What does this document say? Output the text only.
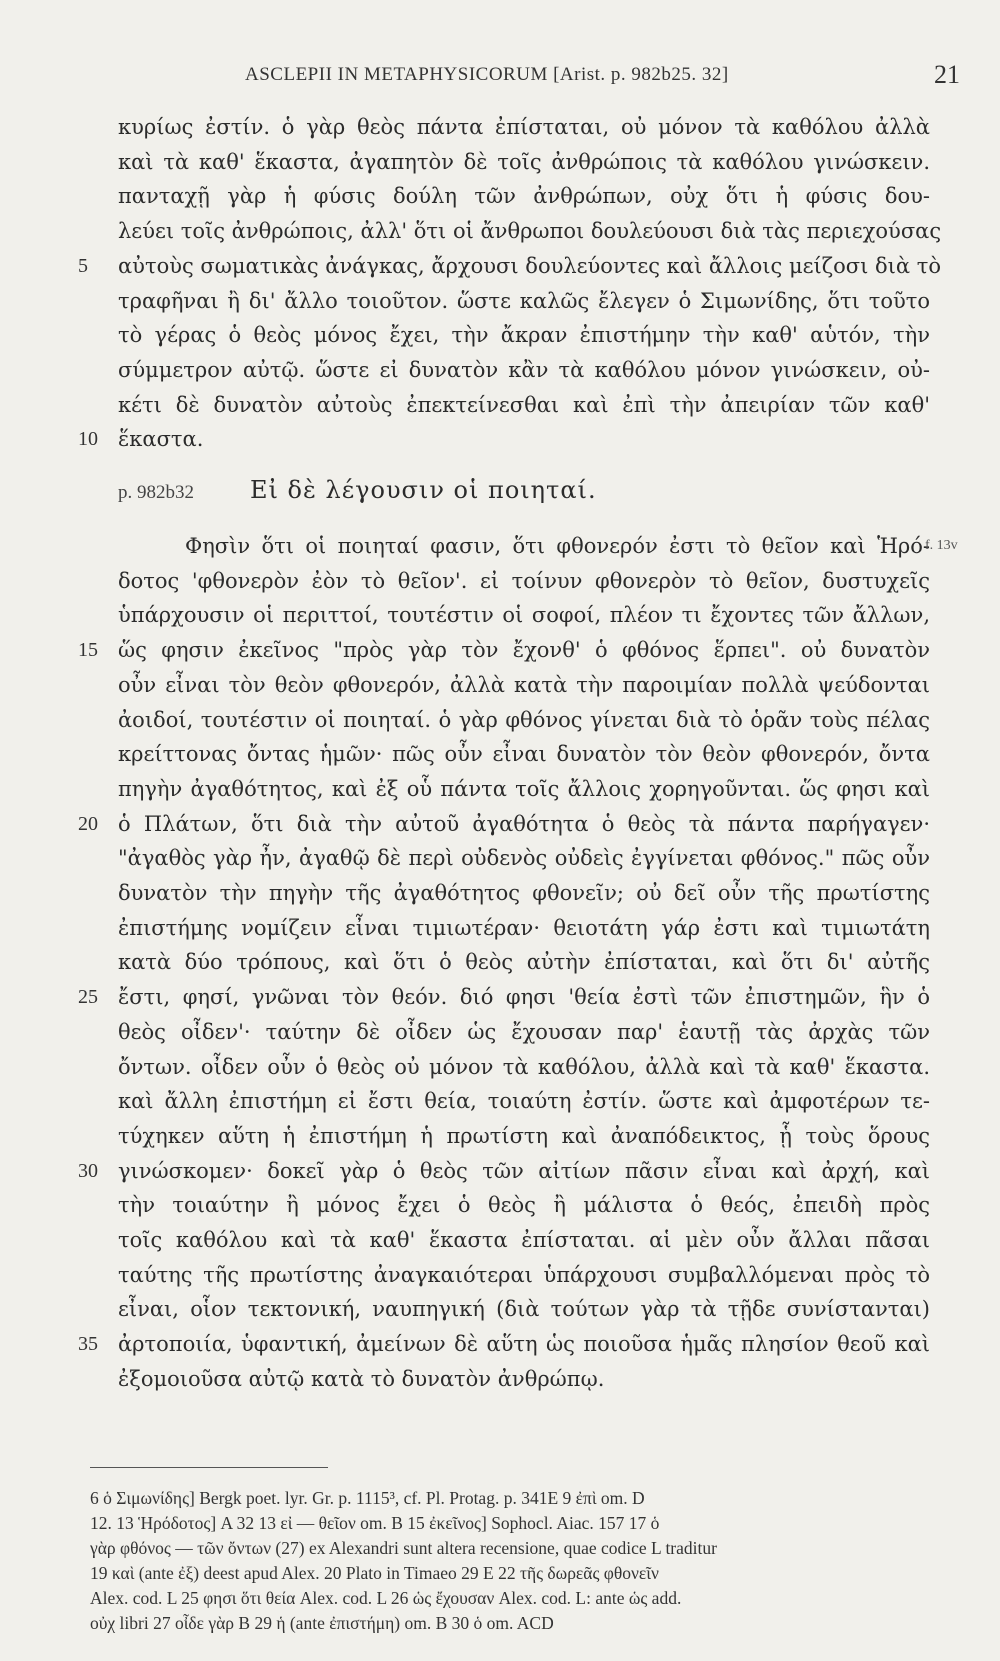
ASCLEPII IN METAPHYSICORUM [Arist. p. 982b25. 32]	21
κυρίως ἐστίν. ὁ γὰρ θεὸς πάντα ἐπίσταται, οὐ μόνον τὰ καθόλου ἀλλὰ
καὶ τὰ καθ' ἕκαστα, ἀγαπητὸν δὲ τοῖς ἀνθρώποις τὰ καθόλου γινώσκειν.
πανταχῇ γὰρ ἡ φύσις δούλη τῶν ἀνθρώπων, οὐχ ὅτι ἡ φύσις δου-
λεύει τοῖς ἀνθρώποις, ἀλλ' ὅτι οἱ ἄνθρωποι δουλεύουσι διὰ τὰς περιεχούσας
5	αὐτοὺς σωματικὰς ἀνάγκας, ἄρχουσι δουλεύοντες καὶ ἄλλοις μείζοσι διὰ τὸ
τραφῆναι ἢ δι' ἄλλο τοιοῦτον. ὥστε καλῶς ἔλεγεν ὁ Σιμωνίδης, ὅτι τοῦτο
τὸ γέρας ὁ θεὸς μόνος ἔχει, τὴν ἄκραν ἐπιστήμην τὴν καθ' αὑτόν, τὴν
σύμμετρον αὐτῷ. ὥστε εἰ δυνατὸν κἂν τὰ καθόλου μόνον γινώσκειν, οὐ-
κέτι δὲ δυνατὸν αὐτοὺς ἐπεκτείνεσθαι καὶ ἐπὶ τὴν ἀπειρίαν τῶν καθ'
10 ἕκαστα.
p. 982b32 Εἰ δὲ λέγουσιν οἱ ποιηταί.
Φησὶν ὅτι οἱ ποιηταί φασιν, ὅτι φθονερόν ἐστι τὸ θεῖον καὶ Ἡρό-
f. 13v
δοτος 'φθονερὸν ἐὸν τὸ θεῖον'. εἰ τοίνυν φθονερὸν τὸ θεῖον, δυστυχεῖς
ὑπάρχουσιν οἱ περιττοί, τουτέστιν οἱ σοφοί, πλέον τι ἔχοντες τῶν ἄλλων,
15 ὥς φησιν ἐκεῖνος "πρὸς γὰρ τὸν ἔχονθ' ὁ φθόνος ἕρπει". οὐ δυνατὸν
οὖν εἶναι τὸν θεὸν φθονερόν, ἀλλὰ κατὰ τὴν παροιμίαν πολλὰ ψεύδονται
ἀοιδοί, τουτέστιν οἱ ποιηταί. ὁ γὰρ φθόνος γίνεται διὰ τὸ ὁρᾶν τοὺς πέλας
κρείττονας ὄντας ἡμῶν· πῶς οὖν εἶναι δυνατὸν τὸν θεὸν φθονερόν, ὄντα
πηγὴν ἀγαθότητος, καὶ ἐξ οὗ πάντα τοῖς ἄλλοις χορηγοῦνται. ὥς φησι καὶ
20 ὁ Πλάτων, ὅτι διὰ τὴν αὐτοῦ ἀγαθότητα ὁ θεὸς τὰ πάντα παρήγαγεν·
"ἀγαθὸς γὰρ ἦν, ἀγαθῷ δὲ περὶ οὐδενὸς οὐδεὶς ἐγγίνεται φθόνος." πῶς οὖν
δυνατὸν τὴν πηγὴν τῆς ἀγαθότητος φθονεῖν; οὐ δεῖ οὖν τῆς πρωτίστης
ἐπιστήμης νομίζειν εἶναι τιμιωτέραν· θειοτάτη γάρ ἐστι καὶ τιμιωτάτη
κατὰ δύο τρόπους, καὶ ὅτι ὁ θεὸς αὐτὴν ἐπίσταται, καὶ ὅτι δι' αὐτῆς
25 ἔστι, φησί, γνῶναι τὸν θεόν. διό φησι 'θεία ἐστὶ τῶν ἐπιστημῶν, ἣν ὁ
θεὸς οἶδεν'· ταύτην δὲ οἶδεν ὡς ἔχουσαν παρ' ἑαυτῇ τὰς ἀρχὰς τῶν
ὄντων. οἶδεν οὖν ὁ θεὸς οὐ μόνον τὰ καθόλου, ἀλλὰ καὶ τὰ καθ' ἕκαστα.
καὶ ἄλλη ἐπιστήμη εἰ ἔστι θεία, τοιαύτη ἐστίν. ὥστε καὶ ἀμφοτέρων τε-
τύχηκεν αὕτη ἡ ἐπιστήμη ἡ πρωτίστη καὶ ἀναπόδεικτος, ᾗ τοὺς ὅρους
30 γινώσκομεν· δοκεῖ γὰρ ὁ θεὸς τῶν αἰτίων πᾶσιν εἶναι καὶ ἀρχή, καὶ
τὴν τοιαύτην ἢ μόνος ἔχει ὁ θεὸς ἢ μάλιστα ὁ θεός, ἐπειδὴ πρὸς
τοῖς καθόλου καὶ τὰ καθ' ἕκαστα ἐπίσταται. αἱ μὲν οὖν ἄλλαι πᾶσαι
ταύτης τῆς πρωτίστης ἀναγκαιότεραι ὑπάρχουσι συμβαλλόμεναι πρὸς τὸ
εἶναι, οἷον τεκτονική, ναυπηγική (διὰ τούτων γὰρ τὰ τῇδε συνίστανται)
35 ἀρτοποιία, ὑφαντική, ἀμείνων δὲ αὕτη ὡς ποιοῦσα ἡμᾶς πλησίον θεοῦ καὶ
ἐξομοιοῦσα αὐτῷ κατὰ τὸ δυνατὸν ἀνθρώπῳ.
6 ὁ Σιμωνίδης] Bergk poet. lyr. Gr. p. 1115³, cf. Pl. Protag. p. 341E 9 ἐπὶ om. D
12. 13 Ἡρόδοτος] A 32 13 εἰ — θεῖον om. B 15 ἐκεῖνος] Sophocl. Aiac. 157 17 ὁ
γὰρ φθόνος — τῶν ὄντων (27) ex Alexandri sunt altera recensione, quae codice L traditur
19 καὶ (ante ἐξ) deest apud Alex. 20 Plato in Timaeo 29 E 22 τῆς δωρεᾶς φθονεῖν
Alex. cod. L 25 φησι ὅτι θεία Alex. cod. L 26 ὡς ἔχουσαν Alex. cod. L: ante ὡς add.
οὐχ libri 27 οἶδε γὰρ B 29 ἡ (ante ἐπιστήμη) om. B 30 ὁ om. ACD
